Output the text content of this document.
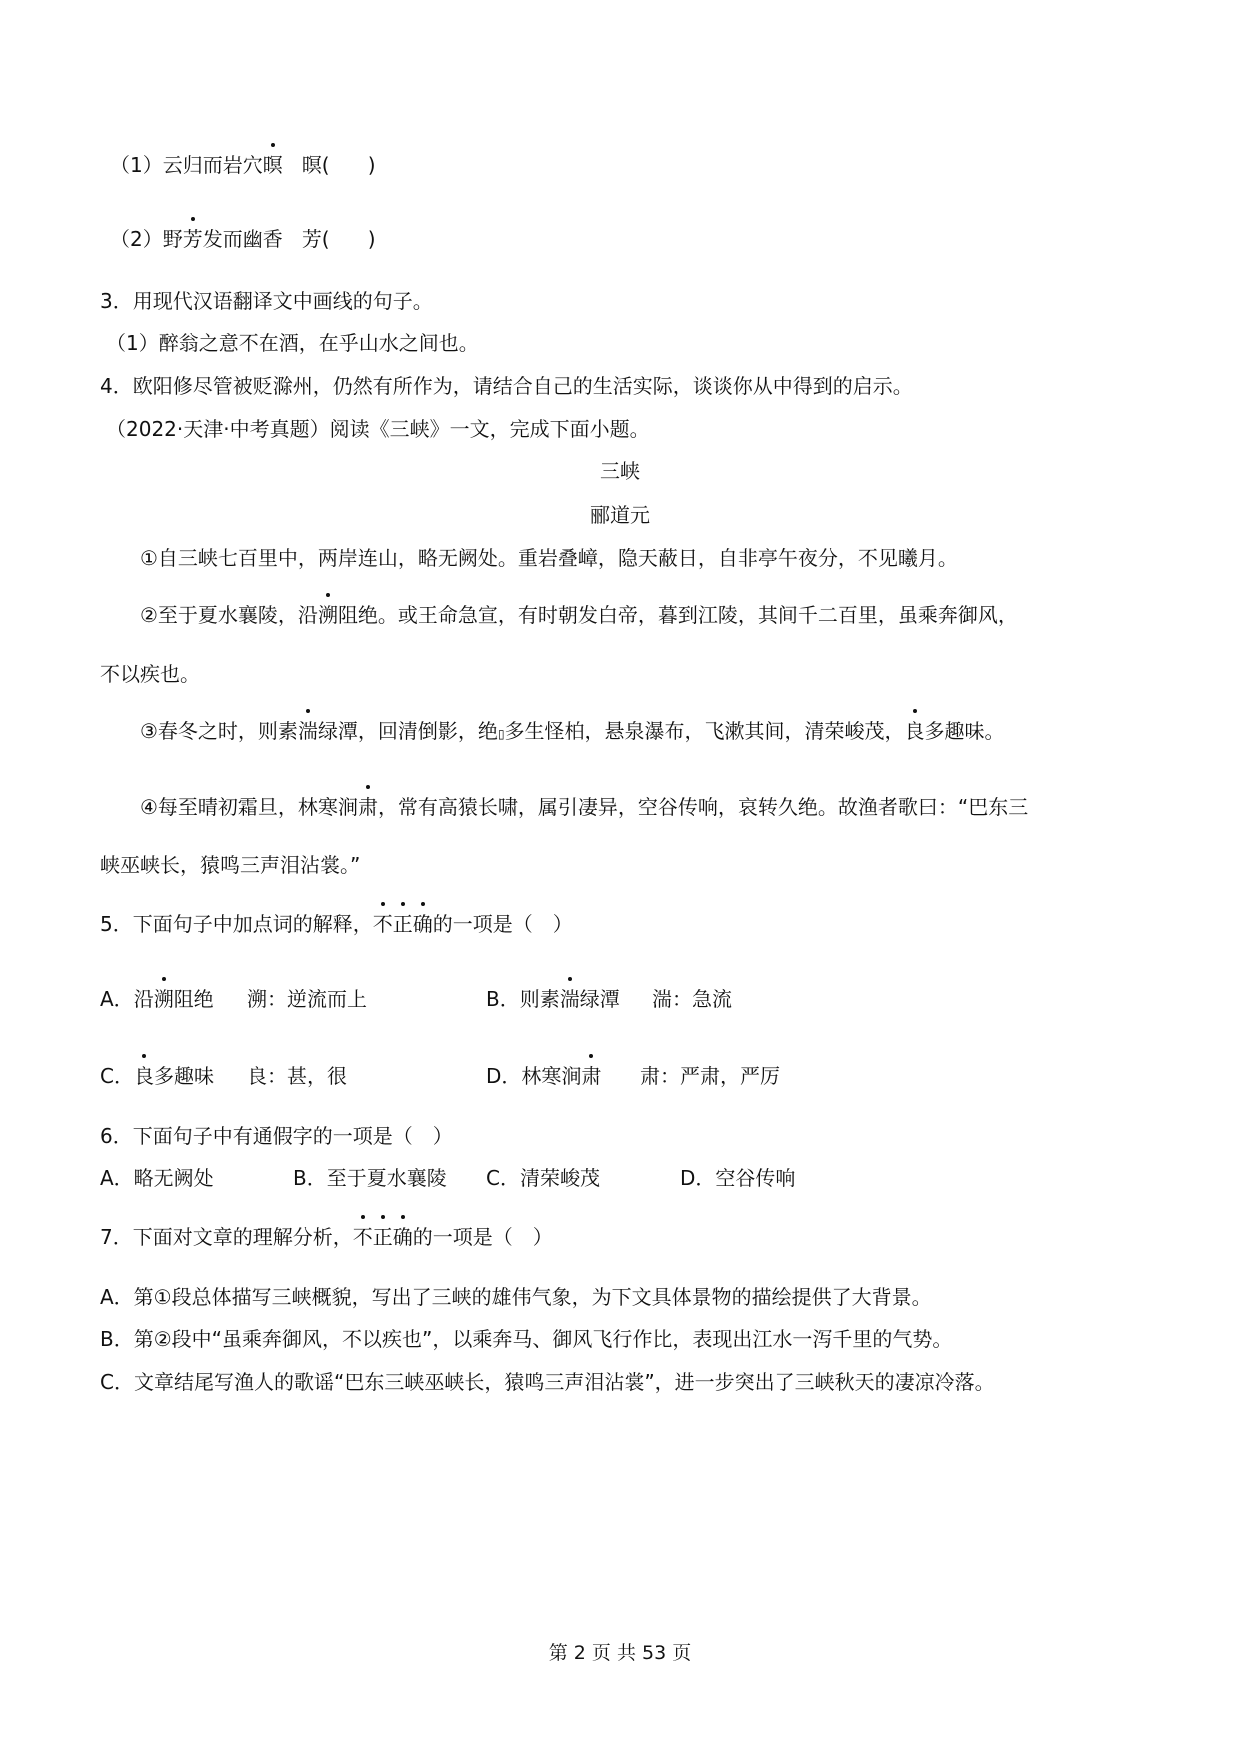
（1）云归而岩穴暝 暝(      )
（2）野芳发而幽香 芳(      )
3．用现代汉语翻译文中画线的句子。
（1）醉翁之意不在酒，在乎山水之间也。
4．欧阳修尽管被贬滁州，仍然有所作为，请结合自己的生活实际，谈谈你从中得到的启示。
（2022·天津·中考真题）阅读《三峡》一文，完成下面小题。
三峡
郦道元
①自三峡七百里中，两岸连山，略无阙处。重岩叠嶂，隐天蔽日，自非亭午夜分，不见曦月。
②至于夏水襄陵，沿溯阻绝。或王命急宣，有时朝发白帝，暮到江陵，其间千二百里，虽乘奔御风，
不以疾也。
③春冬之时，则素湍绿潭，回清倒影，绝▯多生怪柏，悬泉瀑布，飞漱其间，清荣峻茂，良多趣味。
④每至晴初霜旦，林寒涧肃，常有高猿长啸，属引凄异，空谷传响，哀转久绝。故渔者歌曰：“巴东三
峡巫峡长，猿鸣三声泪沾裳。”
5．下面句子中加点词的解释，不正确的一项是（　）
A．沿溯阻绝 溯：逆流而上	B．则素湍绿潭 湍：急流
C．良多趣味 良：甚，很	D．林寒涧肃 肃：严肃，严厉
6．下面句子中有通假字的一项是（　）
A．略无阙处	B．至于夏水襄陵 C．清荣峻茂	D．空谷传响
7．下面对文章的理解分析，不正确的一项是（　）
A．第①段总体描写三峡概貌，写出了三峡的雄伟气象，为下文具体景物的描绘提供了大背景。
B．第②段中“虽乘奔御风，不以疾也”，以乘奔马、御风飞行作比，表现出江水一泻千里的气势。
C．文章结尾写渔人的歌谣“巴东三峡巫峡长，猿鸣三声泪沾裳”，进一步突出了三峡秋天的凄凉冷落。
第 2 页 共 53 页
